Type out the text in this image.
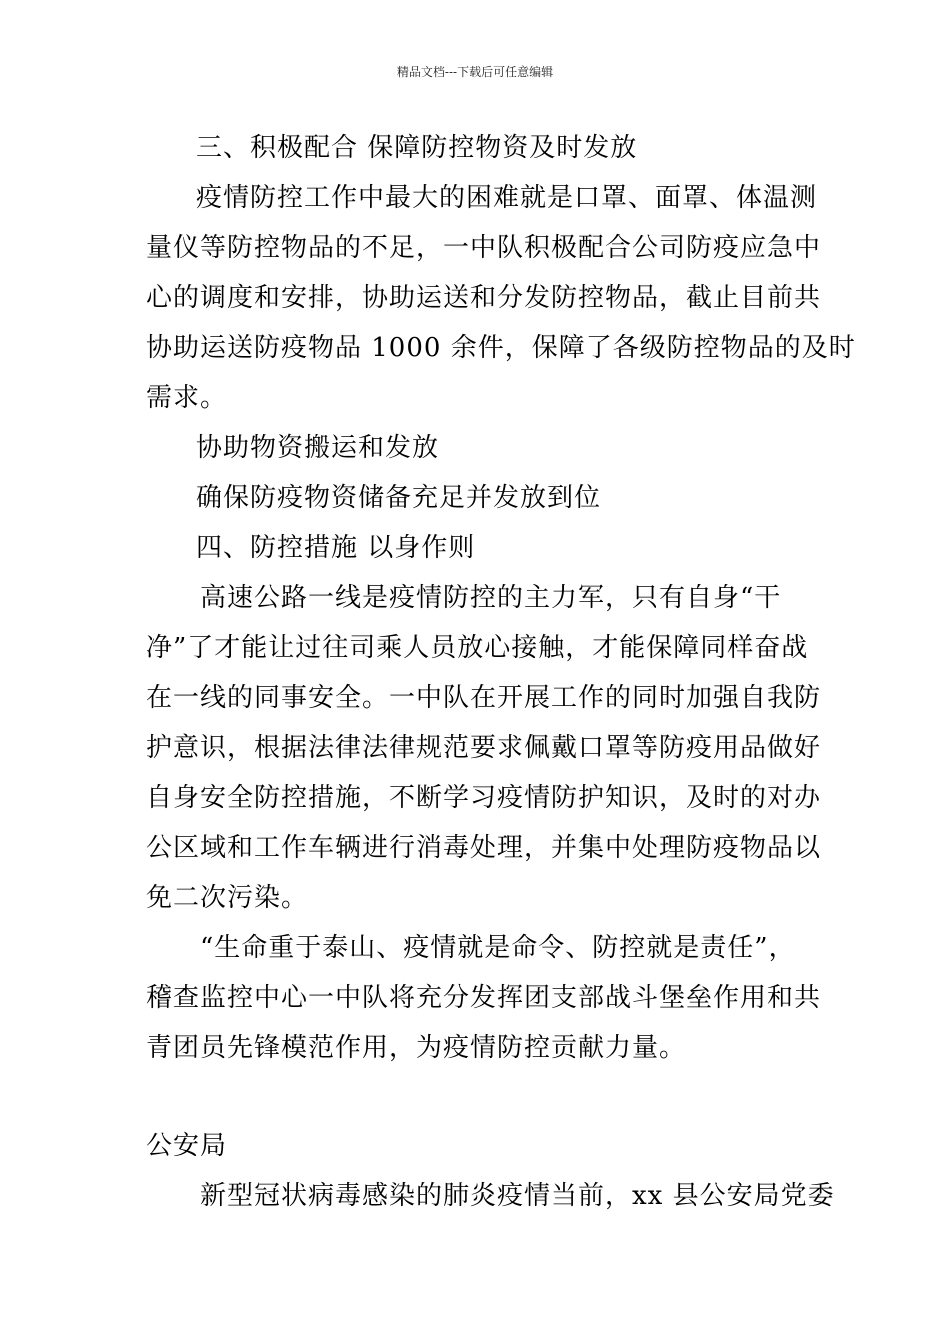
精品文档---下载后可任意编辑
三、积极配合 保障防控物资及时发放
疫情防控工作中最大的困难就是口罩、面罩、体温测
量仪等防控物品的不足，一中队积极配合公司防疫应急中
心的调度和安排，协助运送和分发防控物品，截止目前共
协助运送防疫物品 1000 余件，保障了各级防控物品的及时
需求。
协助物资搬运和发放
确保防疫物资储备充足并发放到位
四、防控措施 以身作则
高速公路一线是疫情防控的主力军，只有自身“干
净”了才能让过往司乘人员放心接触，才能保障同样奋战
在一线的同事安全。一中队在开展工作的同时加强自我防
护意识，根据法律法律规范要求佩戴口罩等防疫用品做好
自身安全防控措施，不断学习疫情防护知识，及时的对办
公区域和工作车辆进行消毒处理，并集中处理防疫物品以
免二次污染。
“生命重于泰山、疫情就是命令、防控就是责任”，
稽查监控中心一中队将充分发挥团支部战斗堡垒作用和共
青团员先锋模范作用，为疫情防控贡献力量。
公安局
新型冠状病毒感染的肺炎疫情当前，xx 县公安局党委
